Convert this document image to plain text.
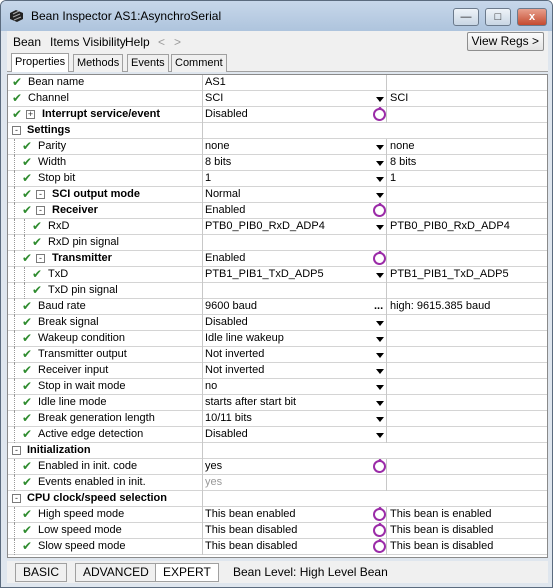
Bean Inspector AS1:AsynchroSerial	—	□	x
Bean Items Visibility Help < >	View Regs >
Properties	Methods	Events Comment
✔ Bean name	AS1
✔ Channel	SCI	SCI
✔ + Interrupt service/event	Disabled
- Settings
✔ Parity	none	none
✔ Width	8 bits	8 bits
✔ Stop bit	1	1
✔ - SCI output mode	Normal
✔ - Receiver	Enabled
✔ RxD	PTB0_PIB0_RxD_ADP4	PTB0_PIB0_RxD_ADP4
✔ RxD pin signal
✔ - Transmitter	Enabled
✔ TxD	PTB1_PIB1_TxD_ADP5	PTB1_PIB1_TxD_ADP5
✔ TxD pin signal
✔ Baud rate	9600 baud	... high: 9615.385 baud
✔ Break signal	Disabled
✔ Wakeup condition	Idle line wakeup
✔ Transmitter output	Not inverted
✔ Receiver input	Not inverted
✔ Stop in wait mode	no
✔ Idle line mode	starts after start bit
✔ Break generation length	10/11 bits
✔ Active edge detection	Disabled
- Initialization
✔ Enabled in init. code	yes
✔ Events enabled in init.	yes
- CPU clock/speed selection
✔ High speed mode	This bean enabled	This bean is enabled
✔ Low speed mode	This bean disabled	This bean is disabled
✔ Slow speed mode	This bean disabled	This bean is disabled
BASIC	ADVANCED	EXPERT	Bean Level: High Level Bean
